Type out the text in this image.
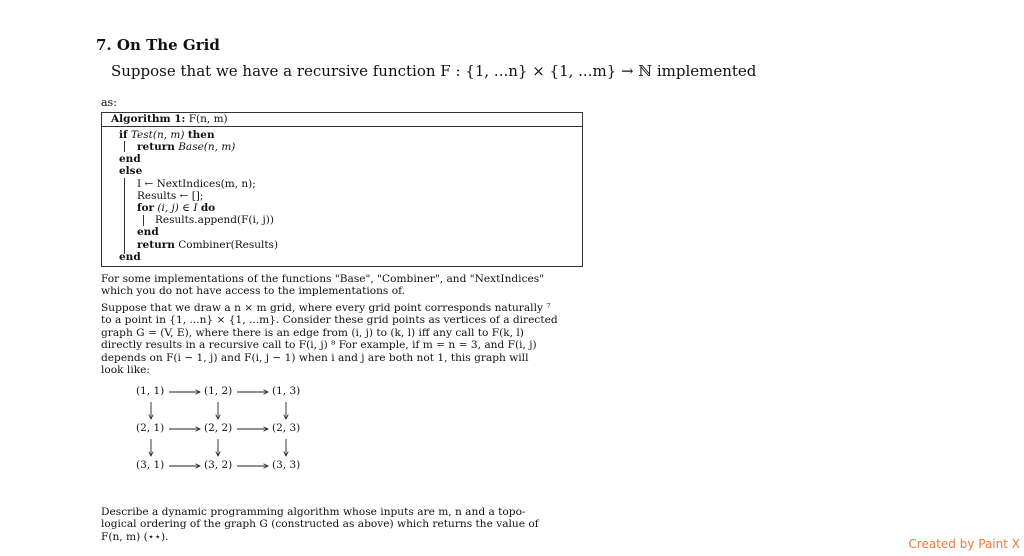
7. On The Grid
Suppose that we have a recursive function F : {1, ...n} × {1, ...m} → ℕ implemented
as:
Algorithm 1: F(n, m)
if Test(n, m) then
return Base(n, m)
end
else
I ← NextIndices(m, n);
Results ← [];
for (i, j) ∈ I do
Results.append(F(i, j))
end
return Combiner(Results)
end
For some implementations of the functions "Base", "Combiner", and "NextIndices"
which you do not have access to the implementations of.
Suppose that we draw a n × m grid, where every grid point corresponds naturally ⁷
to a point in {1, ...n} × {1, ...m}. Consider these grid points as vertices of a directed
graph G = (V, E), where there is an edge from (i, j) to (k, l) iff any call to F(k, l)
directly results in a recursive call to F(i, j) ⁸ For example, if m = n = 3, and F(i, j)
depends on F(i − 1, j) and F(i, j − 1) when i and j are both not 1, this graph will
look like:
(1, 1)	(1, 2)	(1, 3)
(2, 1)	(2, 2)	(2, 3)
(3, 1)	(3, 2)	(3, 3)
Describe a dynamic programming algorithm whose inputs are m, n and a topo-
logical ordering of the graph G (constructed as above) which returns the value of
F(n, m) (⋆⋆).
Created by Paint X
